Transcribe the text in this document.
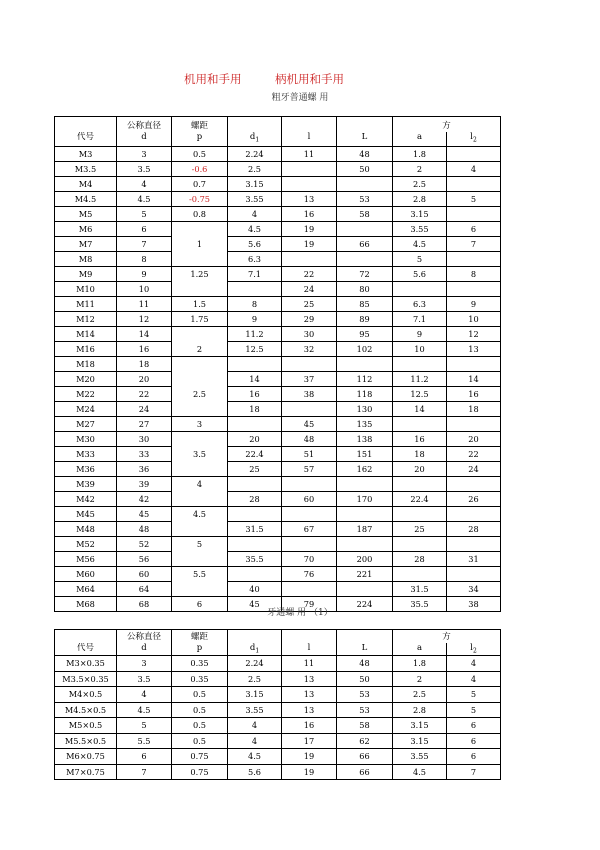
机用和手用	柄机用和手用
粗牙普通螺 用
	公称直径	螺距				方	
代号	d	p	$d_1$	l	L	a	$l_2$
M3	3	0.5	2.24	11	48	1.8	
M3.5	3.5	-0.6	2.5		50	2	4
M4	4	0.7	3.15			2.5	
M4.5	4.5	-0.75	3.55	13	53	2.8	5
M5	5	0.8	4	16	58	3.15	
M6	6		4.5	19		3.55	6
M7	7	1	5.6	19	66	4.5	7
M8	8		6.3			5	
M9	9	1.25	7.1	22	72	5.6	8
M10	10			24	80		
M11	11	1.5	8	25	85	6.3	9
M12	12	1.75	9	29	89	7.1	10
M14	14		11.2	30	95	9	12
M16	16	2	12.5	32	102	10	13
M18	18						
M20	20		14	37	112	11.2	14
M22	22	2.5	16	38	118	12.5	16
M24	24		18		130	14	18
M27	27	3		45	135		
M30	30		20	48	138	16	20
M33	33	3.5	22.4	51	151	18	22
M36	36		25	57	162	20	24
M39	39	4					
M42	42		28	60	170	22.4	26
M45	45	4.5					
M48	48		31.5	67	187	25	28
M52	52	5					
M56	56		35.5	70	200	28	31
M60	60	5.5		76	221		
M64	64		40			31.5	34
M68	68	6	45	79	224	35.5	38
牙通螺 用 （1）
	公称直径	螺距				方	
代号	d	p	$d_1$	l	L	a	$l_2$
M3×0.35	3	0.35	2.24	11	48	1.8	4
M3.5×0.35	3.5	0.35	2.5	13	50	2	4
M4×0.5	4	0.5	3.15	13	53	2.5	5
M4.5×0.5	4.5	0.5	3.55	13	53	2.8	5
M5×0.5	5	0.5	4	16	58	3.15	6
M5.5×0.5	5.5	0.5	4	17	62	3.15	6
M6×0.75	6	0.75	4.5	19	66	3.55	6
M7×0.75	7	0.75	5.6	19	66	4.5	7
